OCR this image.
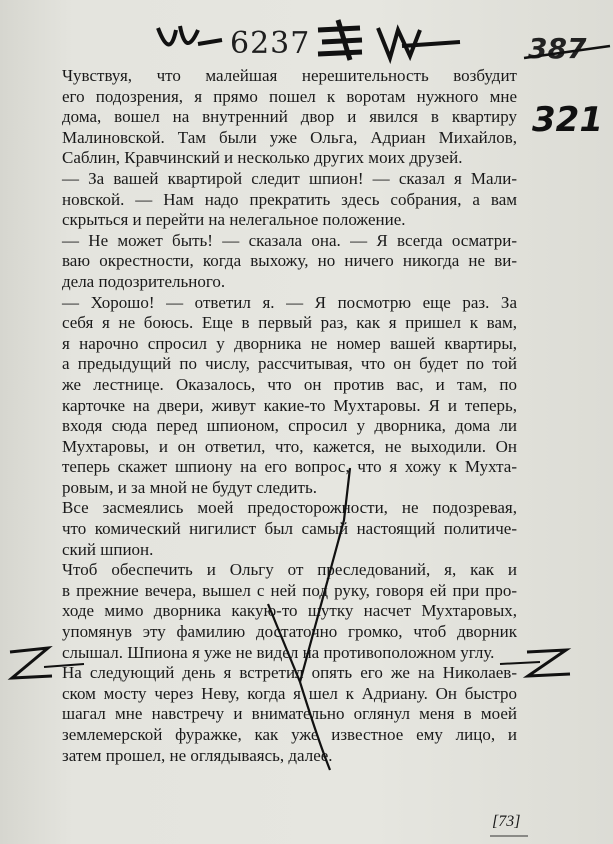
6237	387
321
Чувствуя, что малейшая нерешительность возбудит
его подозрения, я прямо пошел к воротам нужного мне
дома, вошел на внутренний двор и явился в квартиру
Малиновской. Там были уже Ольга, Адриан Михайлов,
Саблин, Кравчинский и несколько других моих друзей.
— За вашей квартирой следит шпион! — сказал я Мали-
новской. — Нам надо прекратить здесь собрания, а вам
скрыться и перейти на нелегальное положение.
— Не может быть! — сказала она. — Я всегда осматри-
ваю окрестности, когда выхожу, но ничего никогда не ви-
дела подозрительного.
— Хорошо! — ответил я. — Я посмотрю еще раз. За
себя я не боюсь. Еще в первый раз, как я пришел к вам,
я нарочно спросил у дворника не номер вашей квартиры,
а предыдущий по числу, рассчитывая, что он будет по той
же лестнице. Оказалось, что он против вас, и там, по
карточке на двери, живут какие-то Мухтаровы. Я и теперь,
входя сюда перед шпионом, спросил у дворника, дома ли
Мухтаровы, и он ответил, что, кажется, не выходили. Он
теперь скажет шпиону на его вопрос, что я хожу к Мухта-
ровым, и за мной не будут следить.
Все засмеялись моей предосторожности, не подозревая,
что комический нигилист был самый настоящий политиче-
ский шпион.
Чтоб обеспечить и Ольгу от преследований, я, как и
в прежние вечера, вышел с ней под руку, говоря ей при про-
ходе мимо дворника какую-то шутку насчет Мухтаровых,
упомянув эту фамилию достаточно громко, чтоб дворник
слышал. Шпиона я уже не видел на противоположном углу.
На следующий день я встретил опять его же на Николаев-
ском мосту через Неву, когда я шел к Адриану. Он быстро
шагал мне навстречу и внимательно оглянул меня в моей
землемерской фуражке, как уже известное ему лицо, и
затем прошел, не оглядываясь, далее.
[73]
